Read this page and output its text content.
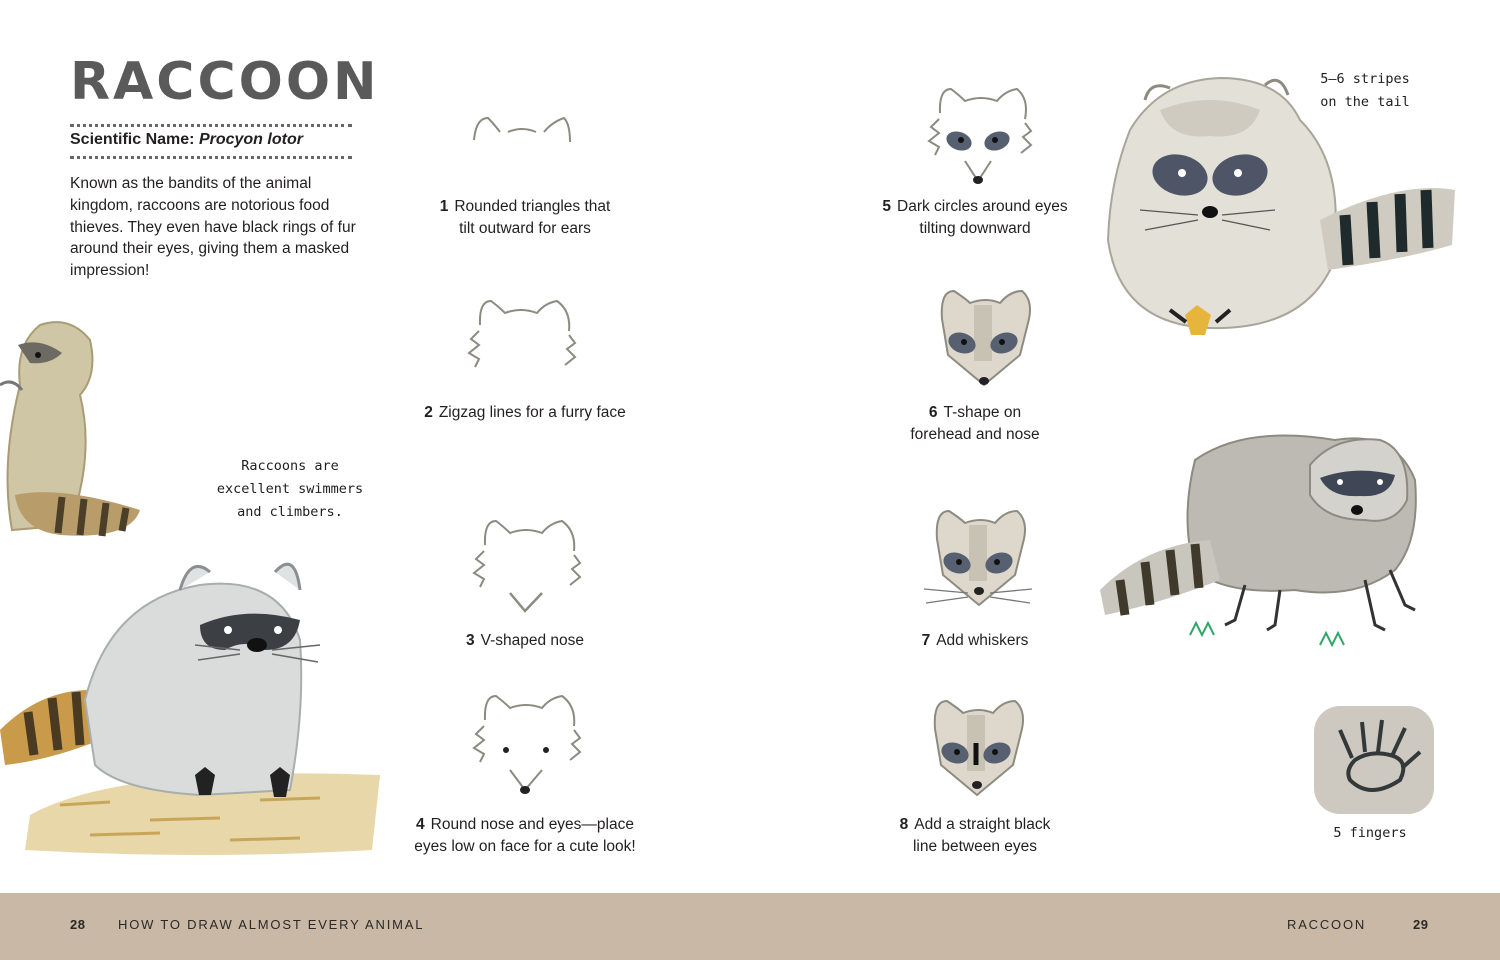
RACCOON
Scientific Name: Procyon lotor
Known as the bandits of the animal kingdom, raccoons are notorious food thieves. They even have black rings of fur around their eyes, giving them a masked impression!
Raccoons are
excellent swimmers
and climbers.
5–6 stripes
on the tail
5 fingers
1 Rounded triangles that
tilt outward for ears
2 Zigzag lines for a furry face
3 V-shaped nose
4 Round nose and eyes—place
eyes low on face for a cute look!
5 Dark circles around eyes
tilting downward
6 T-shape on
forehead and nose
7 Add whiskers
8 Add a straight black
line between eyes
28	HOW TO DRAW ALMOST EVERY ANIMAL	RACCOON	29
